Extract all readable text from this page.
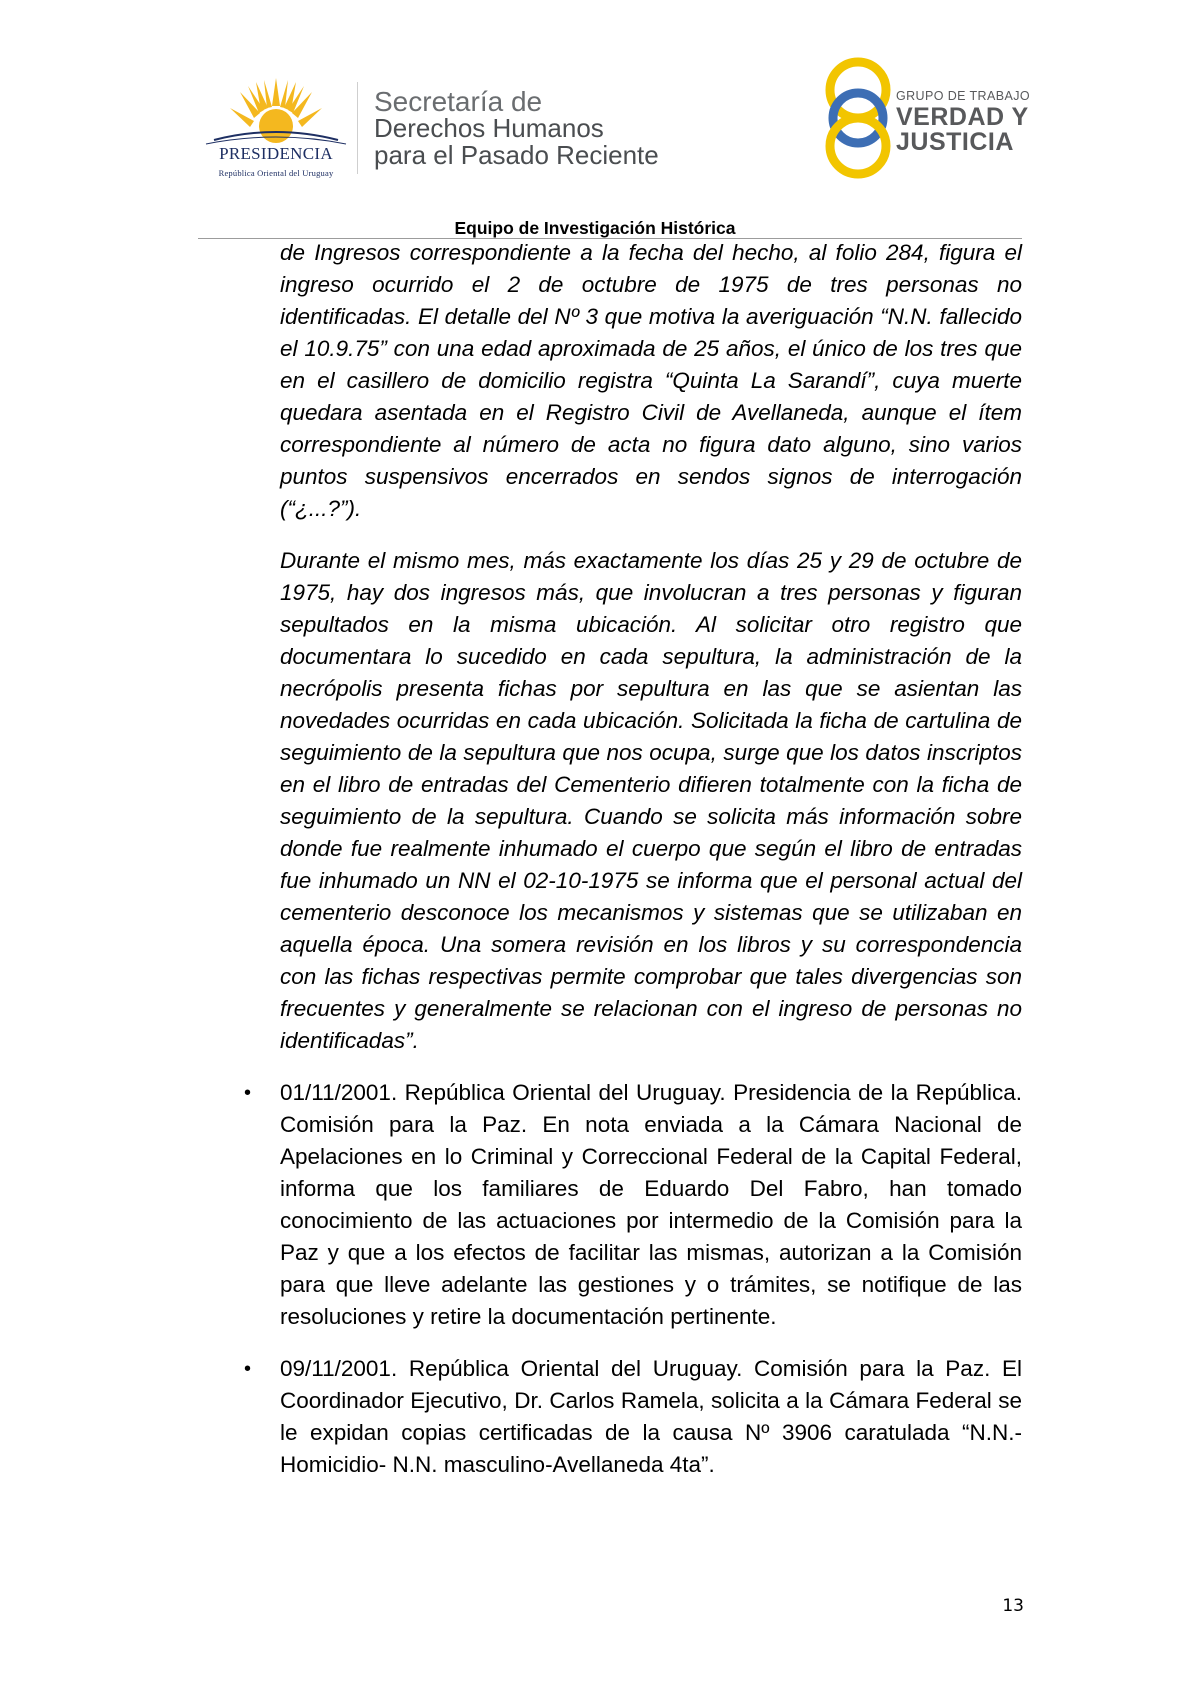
PRESIDENCIA
República Oriental del Uruguay
Secretaría de
Derechos Humanos
para el Pasado Reciente
GRUPO DE TRABAJO
VERDAD Y
JUSTICIA
Equipo de Investigación Histórica

de Ingresos correspondiente a la fecha del hecho, al folio 284, figura el ingreso ocurrido el 2 de octubre de 1975 de tres personas no identificadas. El detalle del Nº 3 que motiva la averiguación “N.N. fallecido el 10.9.75” con una edad aproximada de 25 años, el único de los tres que en el casillero de domicilio registra “Quinta La Sarandí”, cuya muerte quedara asentada en el Registro Civil de Avellaneda, aunque el ítem correspondiente al número de acta no figura dato alguno, sino varios puntos suspensivos encerrados en sendos signos de interrogación (“¿...?”).

Durante el mismo mes, más exactamente los días 25 y 29 de octubre de 1975, hay dos ingresos más, que involucran a tres personas y figuran sepultados en la misma ubicación. Al solicitar otro registro que documentara lo sucedido en cada sepultura, la administración de la necrópolis presenta fichas por sepultura en las que se asientan las novedades ocurridas en cada ubicación. Solicitada la ficha de cartulina de seguimiento de la sepultura que nos ocupa, surge que los datos inscriptos en el libro de entradas del Cementerio difieren totalmente con la ficha de seguimiento de la sepultura. Cuando se solicita más información sobre donde fue realmente inhumado el cuerpo que según el libro de entradas fue inhumado un NN el 02-10-1975 se informa que el personal actual del cementerio desconoce los mecanismos y sistemas que se utilizaban en aquella época. Una somera revisión en los libros y su correspondencia con las fichas respectivas permite comprobar que tales divergencias son frecuentes y generalmente se relacionan con el ingreso de personas no identificadas”.

• 01/11/2001. República Oriental del Uruguay. Presidencia de la República. Comisión para la Paz. En nota enviada a la Cámara Nacional de Apelaciones en lo Criminal y Correccional Federal de la Capital Federal, informa que los familiares de Eduardo Del Fabro, han tomado conocimiento de las actuaciones por intermedio de la Comisión para la Paz y que a los efectos de facilitar las mismas, autorizan a la Comisión para que lleve adelante las gestiones y o trámites, se notifique de las resoluciones y retire la documentación pertinente.

• 09/11/2001. República Oriental del Uruguay. Comisión para la Paz. El Coordinador Ejecutivo, Dr. Carlos Ramela, solicita a la Cámara Federal se le expidan copias certificadas de la causa Nº 3906 caratulada “N.N.-Homicidio- N.N. masculino-Avellaneda 4ta”.

13
